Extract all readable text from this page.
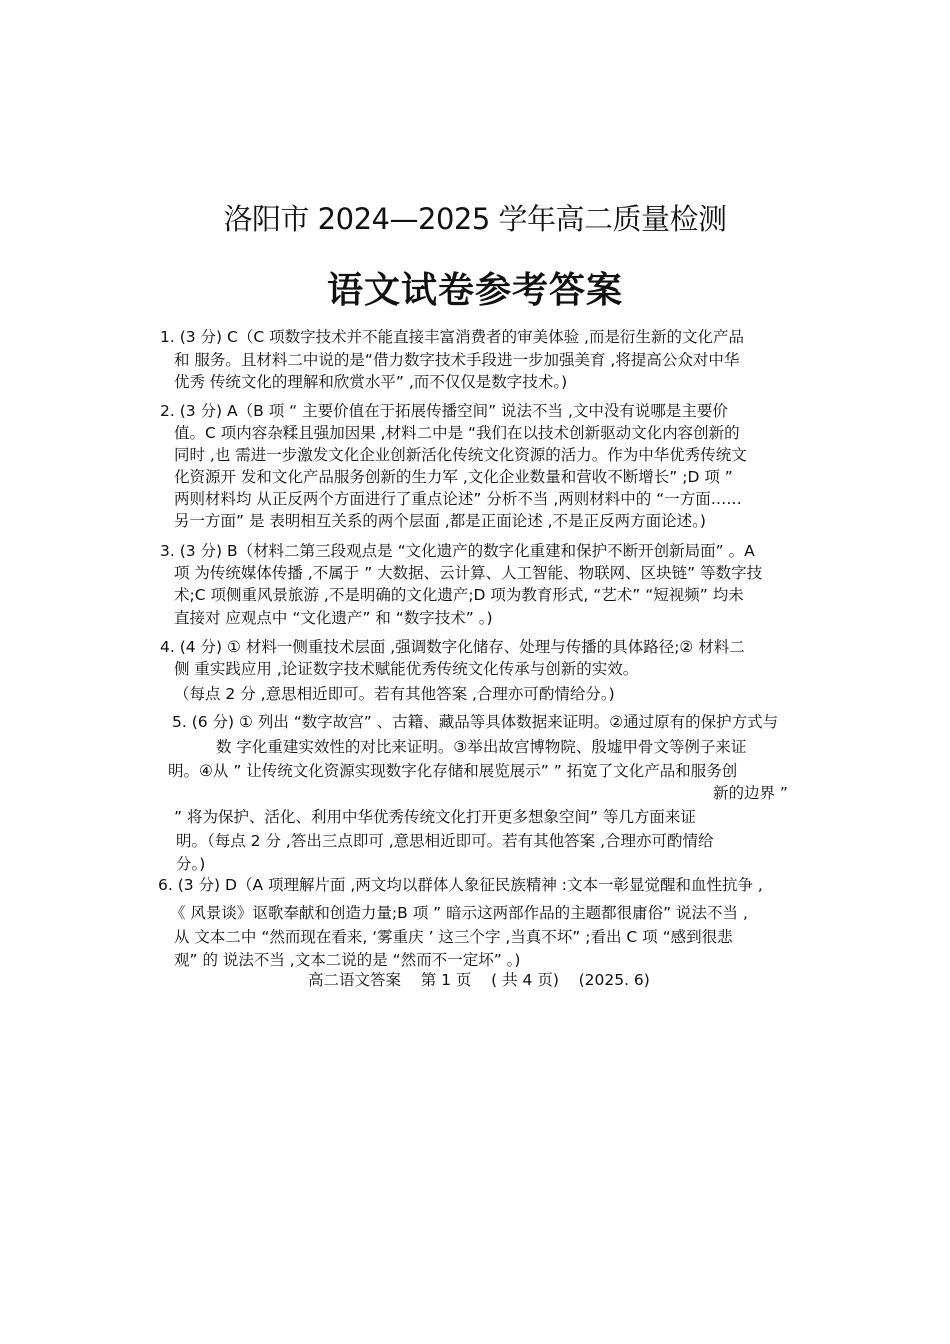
洛阳市 2024—2025 学年高二质量检测
语文试卷参考答案
1. (3 分) C（C 项数字技术并不能直接丰富消费者的审美体验 ,而是衍生新的文化产品
和 服务。且材料二中说的是“借力数字技术手段进一步加强美育 ,将提高公众对中华
优秀 传统文化的理解和欣赏水平” ,而不仅仅是数字技术。)
2. (3 分) A（B 项 “ 主要价值在于拓展传播空间” 说法不当 ,文中没有说哪是主要价
值。C 项内容杂糅且强加因果 ,材料二中是 “我们在以技术创新驱动文化内容创新的
同时 ,也 需进一步激发文化企业创新活化传统文化资源的活力。作为中华优秀传统文
化资源开 发和文化产品服务创新的生力军 ,文化企业数量和营收不断增长” ;D 项 ”
两则材料均 从正反两个方面进行了重点论述” 分析不当 ,两则材料中的 “一方面……
另一方面” 是 表明相互关系的两个层面 ,都是正面论述 ,不是正反两方面论述。)
3. (3 分) B（材料二第三段观点是 “文化遗产的数字化重建和保护不断开创新局面” 。A
项 为传统媒体传播 ,不属于 ” 大数据、云计算、人工智能、物联网、区块链” 等数字技
术;C 项侧重风景旅游 ,不是明确的文化遗产;D 项为教育形式, “艺术” “短视频” 均未
直接对 应观点中 “文化遗产” 和 “数字技术” 。)
4. (4 分) ① 材料一侧重技术层面 ,强调数字化储存、处理与传播的具体路径;② 材料二
侧 重实践应用 ,论证数字技术赋能优秀传统文化传承与创新的实效。
（每点 2 分 ,意思相近即可。若有其他答案 ,合理亦可酌情给分。)
5. (6 分) ① 列出 “数字故宫” 、古籍、藏品等具体数据来证明。②通过原有的保护方式与
数 字化重建实效性的对比来证明。③举出故宫博物院、殷墟甲骨文等例子来证
明。④从 ” 让传统文化资源实现数字化存储和展览展示” ” 拓宽了文化产品和服务创
新的边界 ”
” 将为保护、活化、利用中华优秀传统文化打开更多想象空间” 等几方面来证
明。（每点 2 分 ,答出三点即可 ,意思相近即可。若有其他答案 ,合理亦可酌情给
分。)
6. (3 分) D（A 项理解片面 ,两文均以群体人象征民族精神 :文本一彰显觉醒和血性抗争 ,
《 风景谈》讴歌奉献和创造力量;B 项 ” 暗示这两部作品的主题都很庸俗” 说法不当 ,
从 文本二中 “然而现在看来, ‘雾重庆 ’ 这三个字 ,当真不坏” ;看出 C 项 “感到很悲
观” 的 说法不当 ,文本二说的是 “然而不一定坏” 。)
高二语文答案    第 1 页    ( 共 4 页)    (2025. 6)
